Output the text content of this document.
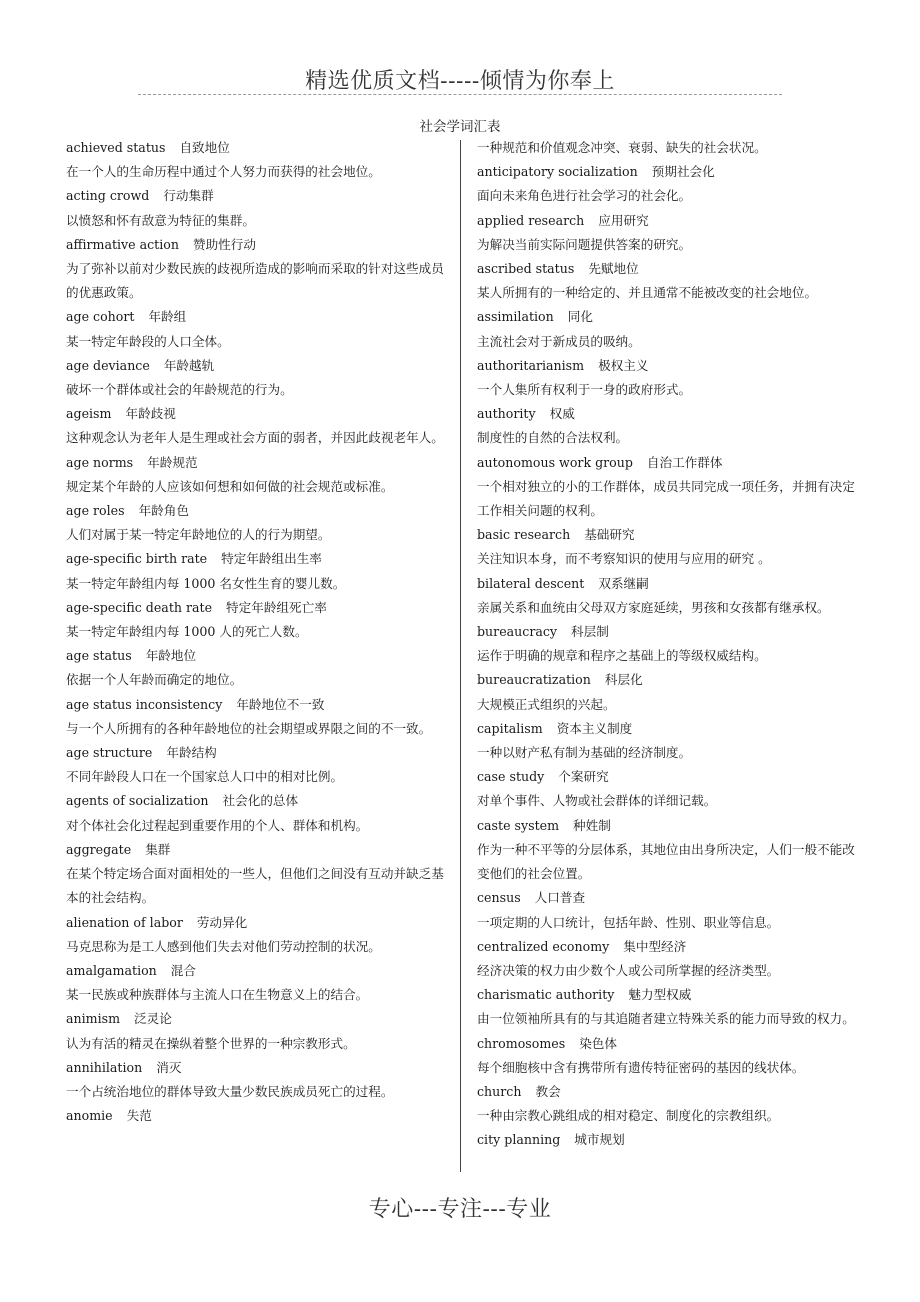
精选优质文档-----倾情为你奉上
社会学词汇表
achieved status 自致地位
在一个人的生命历程中通过个人努力而获得的社会地位。
acting crowd 行动集群
以愤怒和怀有敌意为特征的集群。
affirmative action 赞助性行动
为了弥补以前对少数民族的歧视所造成的影响而采取的针对这些成员的优惠政策。
age cohort 年龄组
某一特定年龄段的人口全体。
age deviance 年龄越轨
破坏一个群体或社会的年龄规范的行为。
ageism 年龄歧视
这种观念认为老年人是生理或社会方面的弱者，并因此歧视老年人。
age norms 年龄规范
规定某个年龄的人应该如何想和如何做的社会规范或标准。
age roles 年龄角色
人们对属于某一特定年龄地位的人的行为期望。
age-specific birth rate 特定年龄组出生率
某一特定年龄组内每 1000 名女性生育的婴儿数。
age-specific death rate 特定年龄组死亡率
某一特定年龄组内每 1000 人的死亡人数。
age status 年龄地位
依据一个人年龄而确定的地位。
age status inconsistency 年龄地位不一致
与一个人所拥有的各种年龄地位的社会期望或界限之间的不一致。
age structure 年龄结构
不同年龄段人口在一个国家总人口中的相对比例。
agents of socialization 社会化的总体
对个体社会化过程起到重要作用的个人、群体和机构。
aggregate 集群
在某个特定场合面对面相处的一些人，但他们之间没有互动并缺乏基本的社会结构。
alienation of labor 劳动异化
马克思称为是工人感到他们失去对他们劳动控制的状况。
amalgamation 混合
某一民族或种族群体与主流人口在生物意义上的结合。
animism 泛灵论
认为有活的精灵在操纵着整个世界的一种宗教形式。
annihilation 消灭
一个占统治地位的群体导致大量少数民族成员死亡的过程。
anomie 失范
一种规范和价值观念冲突、衰弱、缺失的社会状况。
anticipatory socialization 预期社会化
面向未来角色进行社会学习的社会化。
applied research 应用研究
为解决当前实际问题提供答案的研究。
ascribed status 先赋地位
某人所拥有的一种给定的、并且通常不能被改变的社会地位。
assimilation 同化
主流社会对于新成员的吸纳。
authoritarianism 极权主义
一个人集所有权利于一身的政府形式。
authority 权威
制度性的自然的合法权利。
autonomous work group 自治工作群体
一个相对独立的小的工作群体，成员共同完成一项任务，并拥有决定工作相关问题的权利。
basic research 基础研究
关注知识本身，而不考察知识的使用与应用的研究 。
bilateral descent 双系继嗣
亲属关系和血统由父母双方家庭延续，男孩和女孩都有继承权。
bureaucracy 科层制
运作于明确的规章和程序之基础上的等级权威结构。
bureaucratization 科层化
大规模正式组织的兴起。
capitalism 资本主义制度
一种以财产私有制为基础的经济制度。
case study 个案研究
对单个事件、人物或社会群体的详细记载。
caste system 种姓制
作为一种不平等的分层体系，其地位由出身所决定，人们一般不能改变他们的社会位置。
census 人口普查
一项定期的人口统计，包括年龄、性别、职业等信息。
centralized economy 集中型经济
经济决策的权力由少数个人或公司所掌握的经济类型。
charismatic authority 魅力型权威
由一位领袖所具有的与其追随者建立特殊关系的能力而导致的权力。
chromosomes 染色体
每个细胞核中含有携带所有遗传特征密码的基因的线状体。
church 教会
一种由宗教心跳组成的相对稳定、制度化的宗教组织。
city planning 城市规划
专心---专注---专业
